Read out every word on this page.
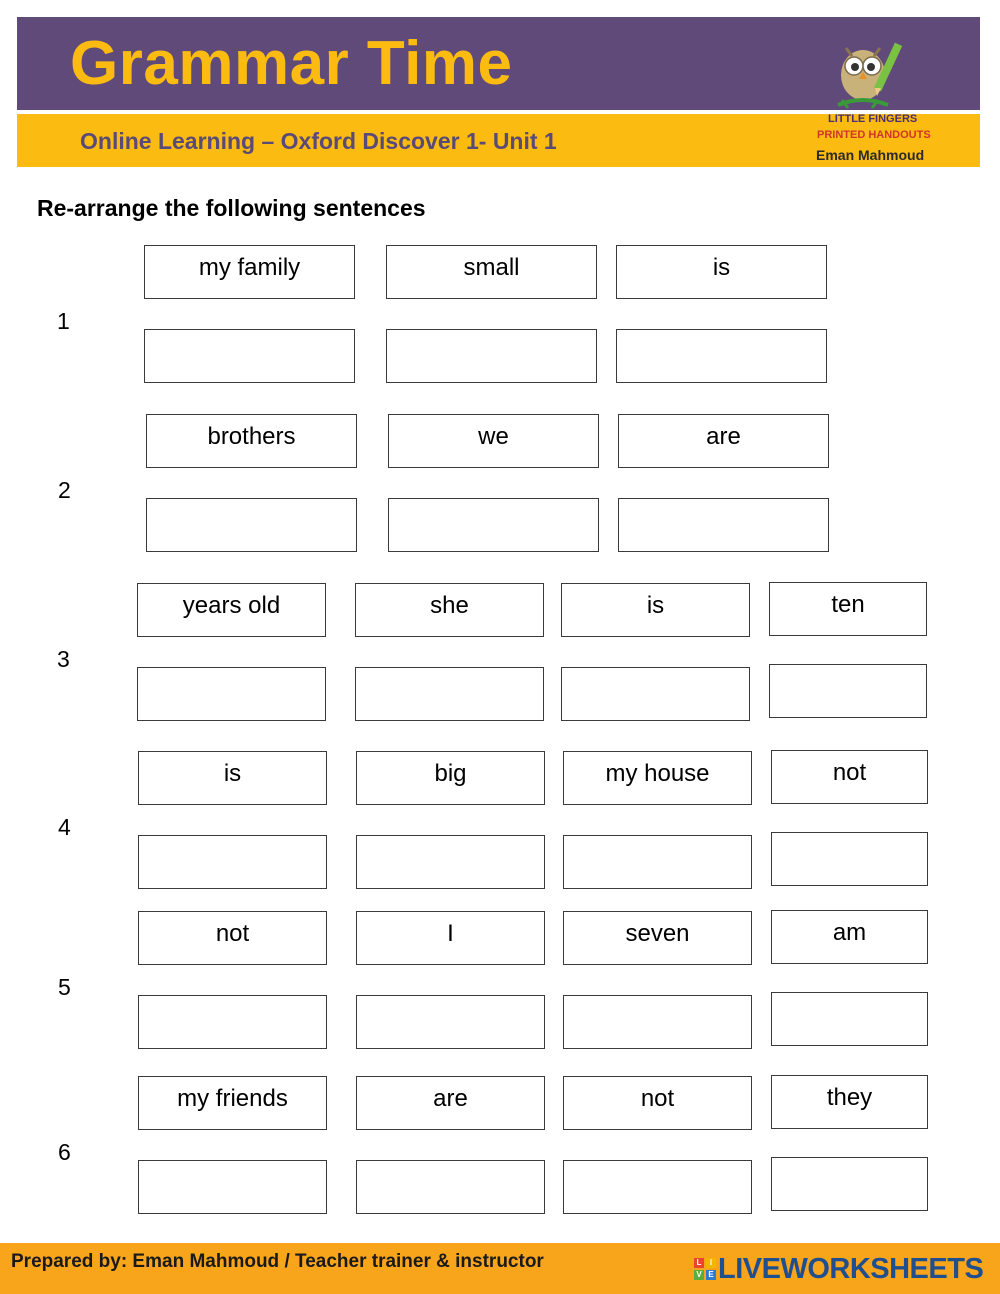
Grammar Time
Online Learning – Oxford Discover 1- Unit 1
LITTLE FINGERS
PRINTED HANDOUTS
Eman Mahmoud
Re-arrange the following sentences
1
my family	small	is
2
brothers	we	are
3
years old	she	is	ten
4
is	big	my house	not
5
not	I	seven	am
6
my friends	are	not	they
Prepared by: Eman Mahmoud / Teacher trainer & instructor	L	I
V E LIVEWORKSHEETS
